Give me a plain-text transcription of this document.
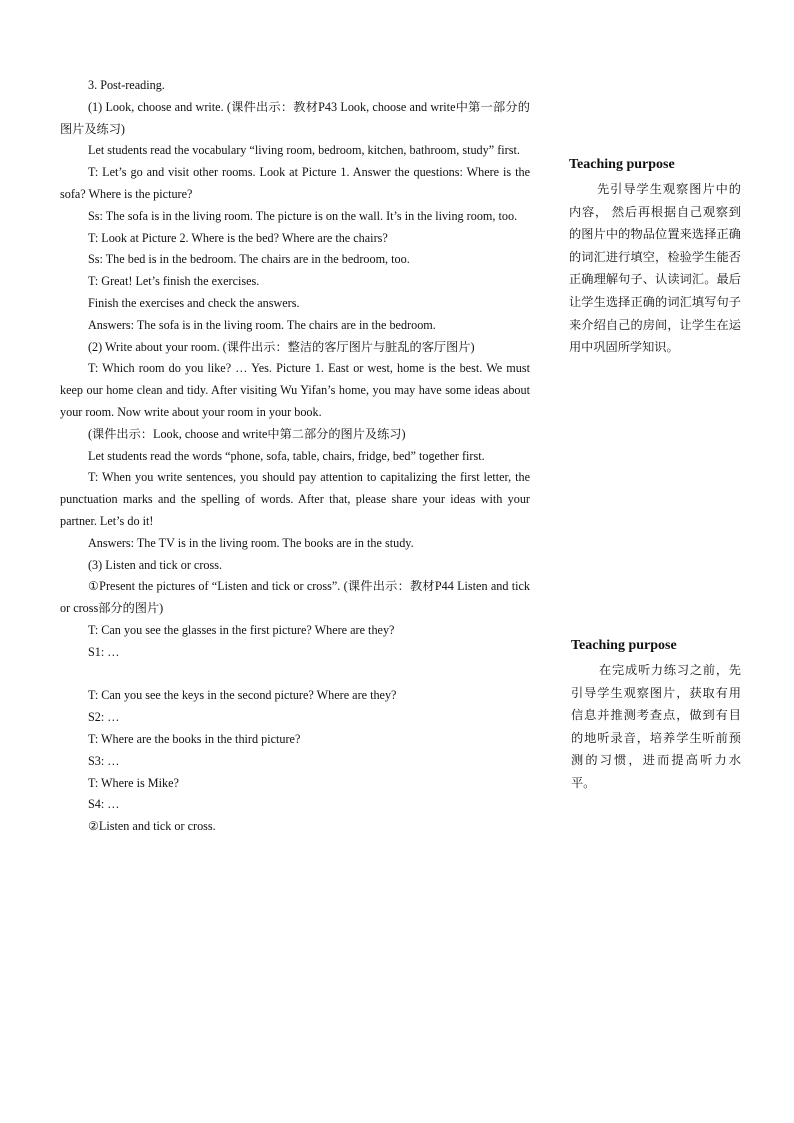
3. Post-reading.

(1) Look, choose and write. (课件出示：教材P43 Look, choose and write中第一部分的图片及练习)

Let students read the vocabulary “living room, bedroom, kitchen, bathroom, study” first.

T: Let’s go and visit other rooms. Look at Picture 1. Answer the questions: Where is the sofa? Where is the picture?

Ss: The sofa is in the living room. The picture is on the wall. It’s in the living room, too.

T: Look at Picture 2. Where is the bed? Where are the chairs?

Ss: The bed is in the bedroom. The chairs are in the bedroom, too.

T: Great! Let’s finish the exercises.

Finish the exercises and check the answers.

Answers: The sofa is in the living room. The chairs are in the bedroom.

(2) Write about your room. (课件出示：整洁的客厅图片与脏乱的客厅图片)

T: Which room do you like? … Yes. Picture 1. East or west, home is the best. We must keep our home clean and tidy. After visiting Wu Yifan’s home, you may have some ideas about your room. Now write about your room in your book.

(课件出示：Look, choose and write中第二部分的图片及练习)

Let students read the words “phone, sofa, table, chairs, fridge, bed” together first.

T: When you write sentences, you should pay attention to capitalizing the first letter, the punctuation marks and the spelling of words. After that, please share your ideas with your partner. Let’s do it!

Answers: The TV is in the living room. The books are in the study.

(3) Listen and tick or cross.

①Present the pictures of “Listen and tick or cross”. (课件出示：教材P44 Listen and tick or cross部分的图片)

T: Can you see the glasses in the first picture? Where are they?

S1: …

T: Can you see the keys in the second picture? Where are they?

S2: …

T: Where are the books in the third picture?

S3: …

T: Where is Mike?

S4: …

②Listen and tick or cross.

Teaching purpose

先引导学生观察图片中的内容， 然后再根据自己观察到的图片中的物品位置来选择正确的词汇进行填空，检验学生能否正确理解句子、认读词汇。最后让学生选择正确的词汇填写句子来介绍自己的房间，让学生在运用中巩固所学知识。

Teaching purpose

在完成听力练习之前，先引导学生观察图片，获取有用信息并推测考查点，做到有目的地听录音，培养学生听前预测的习惯，进而提高听力水平。
